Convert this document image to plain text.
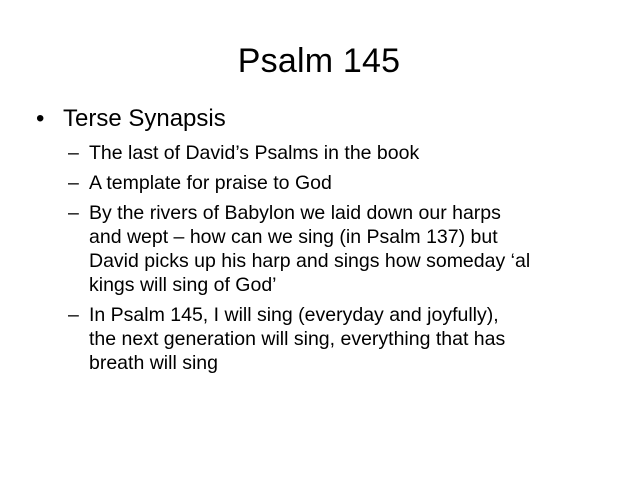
Psalm 145
• Terse Synapsis
– The last of David’s Psalms in the book
– A template for praise to God
– By the rivers of Babylon we laid down our harps
and wept – how can we sing (in Psalm 137) but
David picks up his harp and sings how someday ‘al
kings will sing of God’
– In Psalm 145, I will sing (everyday and joyfully),
the next generation will sing, everything that has
breath will sing
